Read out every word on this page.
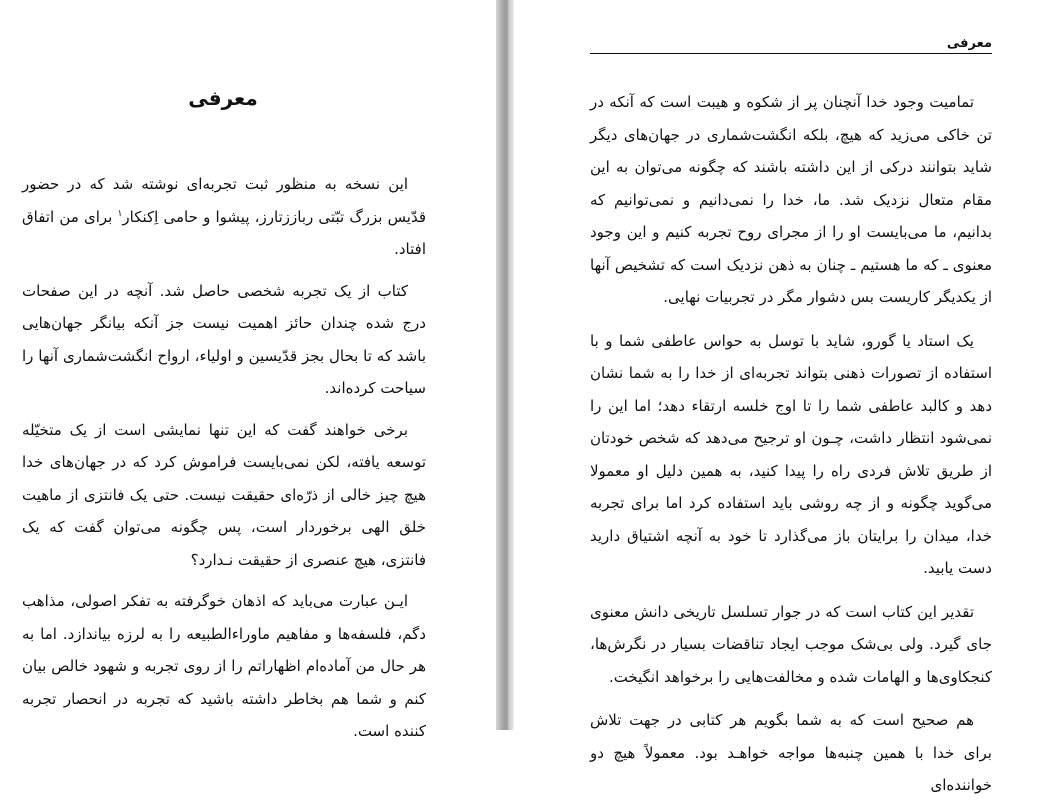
معرفی

این نسخه به منظور ثبت تجربه‌ای نوشته شد که در حضور قدّیس بزرگ تبّتی رباززتارز، پیشوا و حامی اِکنکار$^۱$ برای من اتفاق افتاد.

کتاب از یک تجربه شخصی حاصل شد. آنچه در این صفحات درج شده چندان حائز اهمیت نیست جز آنکه بیانگر جهان‌هایی باشد که تا بحال بجز قدّیسین و اولیاء، ارواح انگشت‌شماری آنها را سیاحت کرده‌اند.

برخی خواهند گفت که این تنها نمایشی است از یک متخیّله توسعه یافته، لکن نمی‌بایست فراموش کرد که در جهان‌های خدا هیچ چیز خالی از ذرّه‌ای حقیقت نیست. حتی یک فانتزی از ماهیت خلق الهی برخوردار است، پس چگونه می‌توان گفت که یک فانتزی، هیچ عنصری از حقیقت نـدارد؟

ایـن عبارت می‌باید که اذهان خوگرفته به تفکر اصولی، مذاهب دگم، فلسفه‌ها و مفاهیم ماوراءالطبیعه را به لرزه بیاندازد. اما به هر حال من آماده‌ام اظهاراتم را از روی تجربه و شهود خالص بیان کنم و شما هم بخاطر داشته باشید که تجربه در انحصار تجربه کننده است.

معرفی

تمامیت وجود خدا آنچنان پر از شکوه و هیبت است که آنکه در تن خاکی می‌زید که هیچ، بلکه انگشت‌شماری در جهان‌های دیگر شاید بتوانند درکی از این داشته باشند که چگونه می‌توان به این مقام متعال نزدیک شد. ما، خدا را نمی‌دانیم و نمی‌توانیم که بدانیم، ما می‌بایست او را از مجرای روح تجربه کنیم و این وجود معنوی ـ که ما هستیم ـ چنان به ذهن نزدیک است که تشخیص آنها از یکدیگر کاریست بس دشوار مگر در تجربیات نهایی.

یک استاد یا گورو، شاید با توسل به حواس عاطفی شما و با استفاده از تصورات ذهنی بتواند تجربه‌ای از خدا را به شما نشان دهد و کالبد عاطفی شما را تا اوج خلسه ارتقاء دهد؛ اما این را نمی‌شود انتظار داشت، چـون او ترجیح می‌دهد که شخص خودتان از طریق تلاش فردی راه را پیدا کنید، به همین دلیل او معمولا می‌گوید چگونه و از چه روشی باید استفاده کرد اما برای تجربه خدا، میدان را برایتان باز می‌گذارد تا خود به آنچه اشتیاق دارید دست یابید.

تقدیر این کتاب است که در جوار تسلسل تاریخی دانش معنوی جای گیرد. ولی بی‌شک موجب ایجاد تناقضات بسیار در نگرش‌ها، کنجکاوی‌ها و الهامات شده و مخالفت‌هایی را برخواهد انگیخت.

هم صحیح است که به شما بگویم هر کتابی در جهت تلاش برای خدا با همین چنبه‌ها مواجه خواهـد بود. معمولاً هیچ دو خواننده‌ای
